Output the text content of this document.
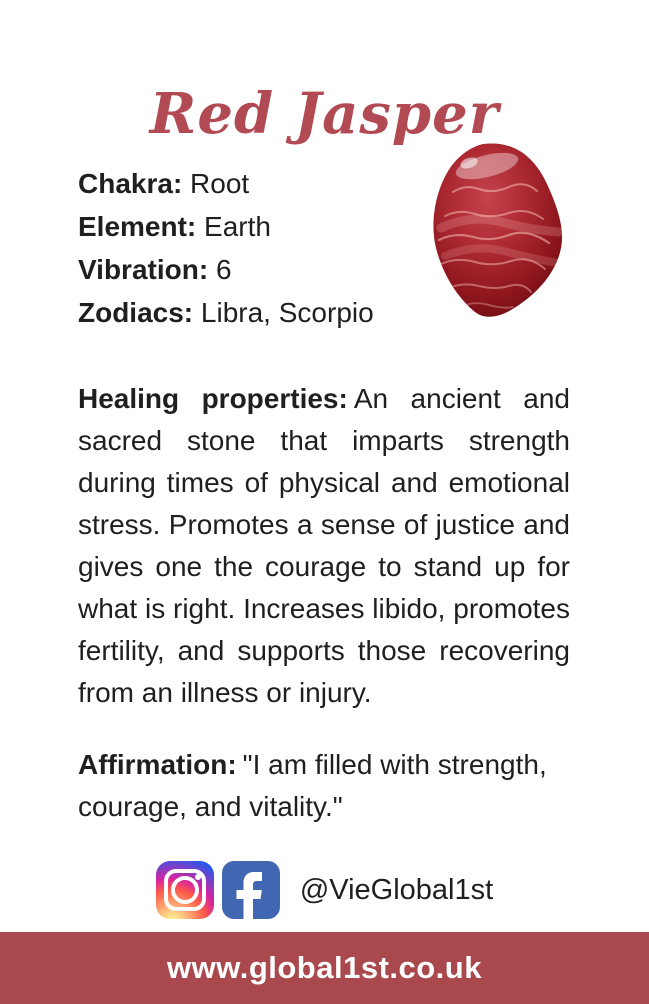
Red Jasper
Chakra: Root
Element: Earth
Vibration: 6
Zodiacs: Libra, Scorpio

Healing properties: An ancient and sacred stone that imparts strength during times of physical and emotional stress. Promotes a sense of justice and gives one the courage to stand up for what is right. Increases libido, promotes fertility, and supports those recovering from an illness or injury.

Affirmation: "I am filled with strength, courage, and vitality."

@VieGlobal1st
www.global1st.co.uk
